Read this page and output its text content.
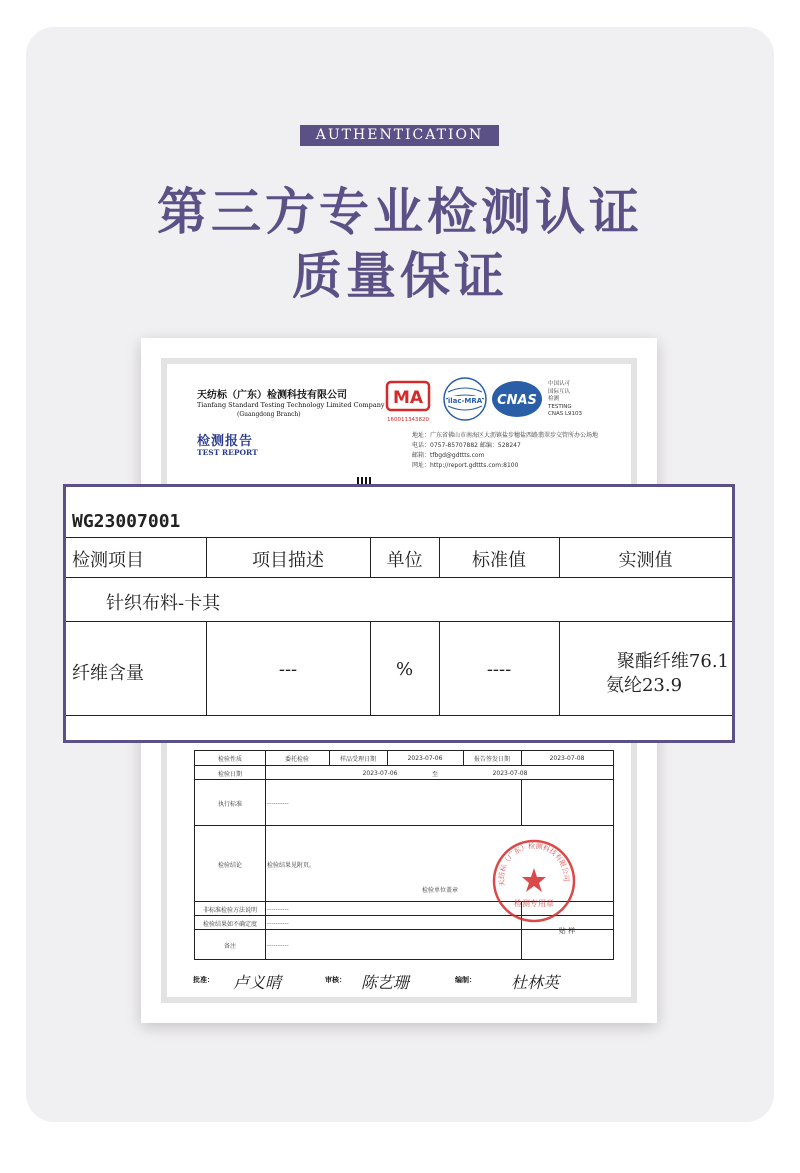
AUTHENTICATION
第三方专业检测认证
质量保证
天纺标（广东）检测科技有限公司
Tianfang Standard Testing Technology Limited Company
(Guangdong Branch)
检测报告
TEST REPORT
MA
160011343820
ilac-MRA CNAS
中国认可
国际互认
检测
TESTING
CNAS L9103
地址：广东省佛山市南海区大沥镇盐步穗盐西路翡翠步交管所办公场地
电话：0757-85707882 邮编：528247
邮箱：tfbgd@gdttts.com
网址：http://report.gdttts.com:8100
检验性质	委托检验	样品受理日期	2023-07-06	报告签发日期	2023-07-08
检验日期	2023-07-06	至	2023-07-08
执行标准	----------
检验结论	检验结果见附页。
检验单位盖章
非标准检验方法说明	----------
贴 样
检验结果如不确定度	----------
备注	----------
天纺标（广东）检测科技有限公司
检测专用章
批准： 卢义晴	审核： 陈艺珊	编制： 杜林英
WG23007001
检测项目	项目描述	单位	标准值	实测值
针织布料-卡其
纤维含量	---	%	----	聚酯纤维76.1
氨纶23.9
